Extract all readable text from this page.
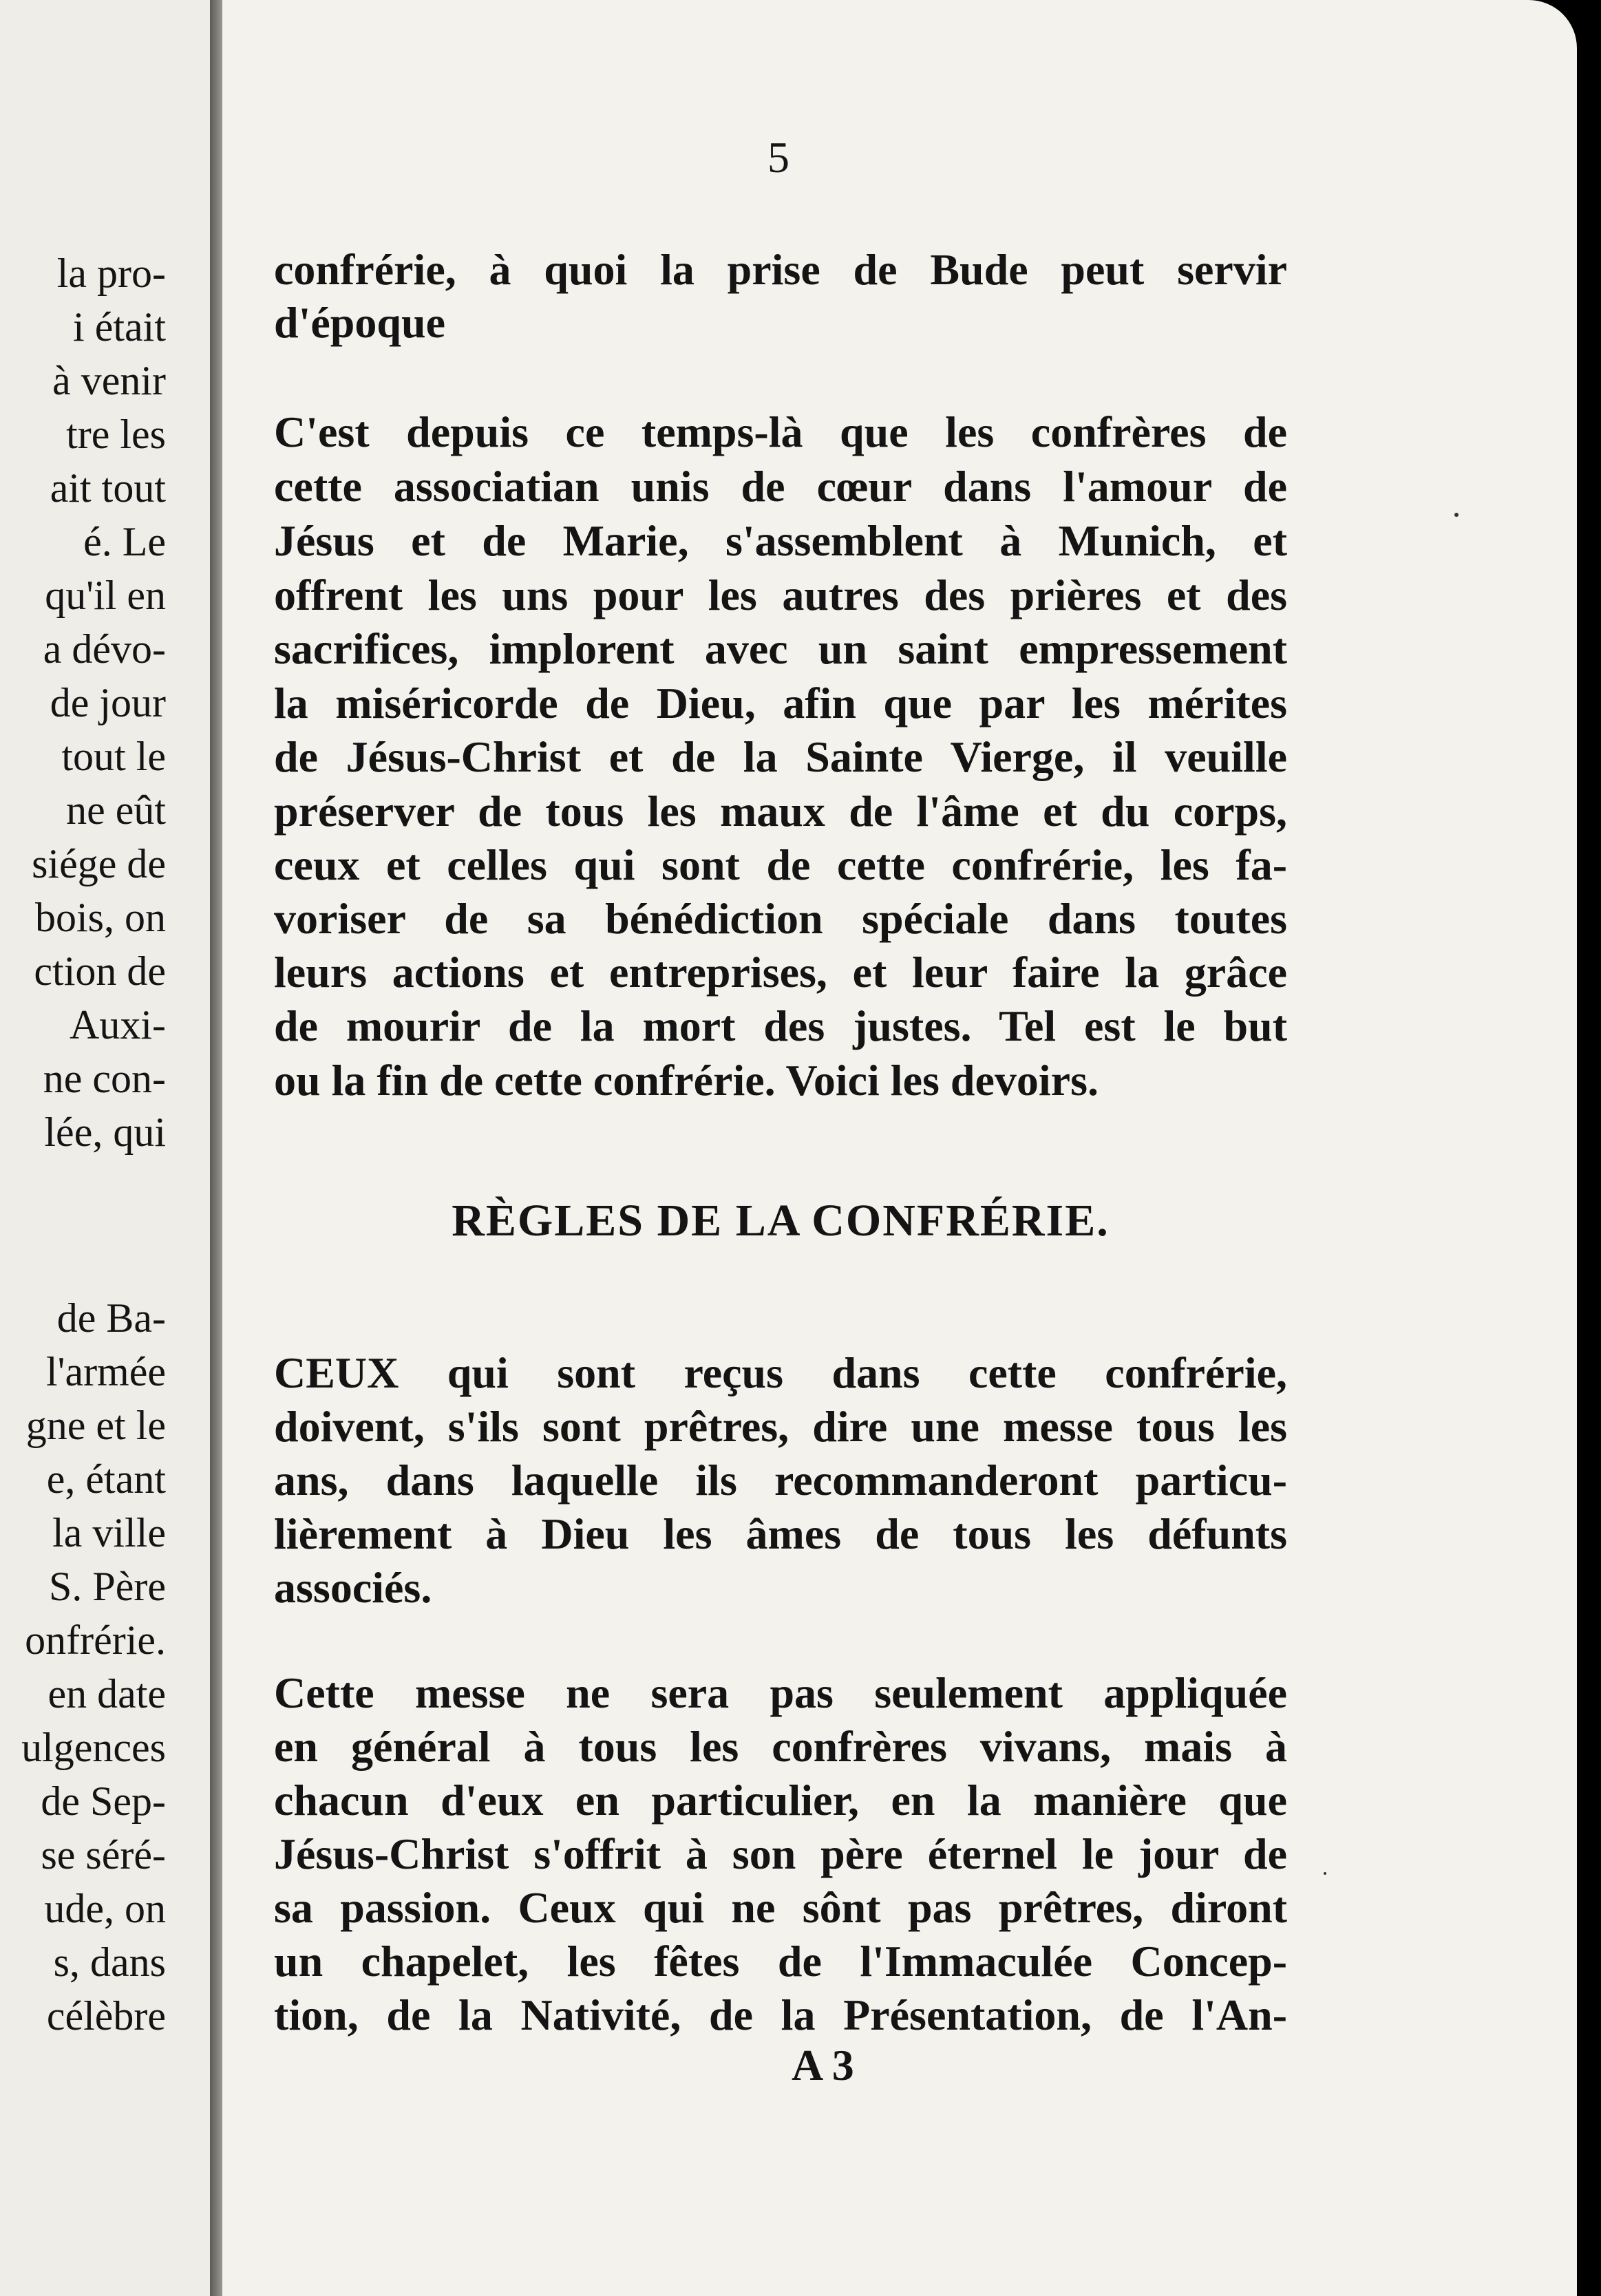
la pro-

i était

à venir

tre les

ait tout

é. Le

qu'il en

a dévo-

de jour

tout le

ne eût

siége de

bois, on

ction de

Auxi-

ne con-

lée, qui

de Ba-

l'armée

gne et le

e, étant

la ville

S. Père

onfrérie.

en date

ulgences

de Sep-

se séré-

ude, on

s, dans

célèbre

5

confrérie, à quoi la prise de Bude peut servir

d'époque

C'est depuis ce temps-là que les confrères de

cette associatian unis de cœur dans l'amour de

Jésus et de Marie, s'assemblent à Munich, et

offrent les uns pour les autres des prières et des

sacrifices, implorent avec un saint empressement

la miséricorde de Dieu, afin que par les mérites

de Jésus-Christ et de la Sainte Vierge, il veuille

préserver de tous les maux de l'âme et du corps,

ceux et celles qui sont de cette confrérie, les fa-

voriser de sa bénédiction spéciale dans toutes

leurs actions et entreprises, et leur faire la grâce

de mourir de la mort des justes. Tel est le but

ou la fin de cette confrérie. Voici les devoirs.

RÈGLES DE LA CONFRÉRIE.

CEUX qui sont reçus dans cette confrérie,

doivent, s'ils sont prêtres, dire une messe tous les

ans, dans laquelle ils recommanderont particu-

lièrement à Dieu les âmes de tous les défunts

associés.

Cette messe ne sera pas seulement appliquée

en général à tous les confrères vivans, mais à

chacun d'eux en particulier, en la manière que

Jésus-Christ s'offrit à son père éternel le jour de

sa passion. Ceux qui ne sônt pas prêtres, diront

un chapelet, les fêtes de l'Immaculée Concep-

tion, de la Nativité, de la Présentation, de l'An-

A 3
